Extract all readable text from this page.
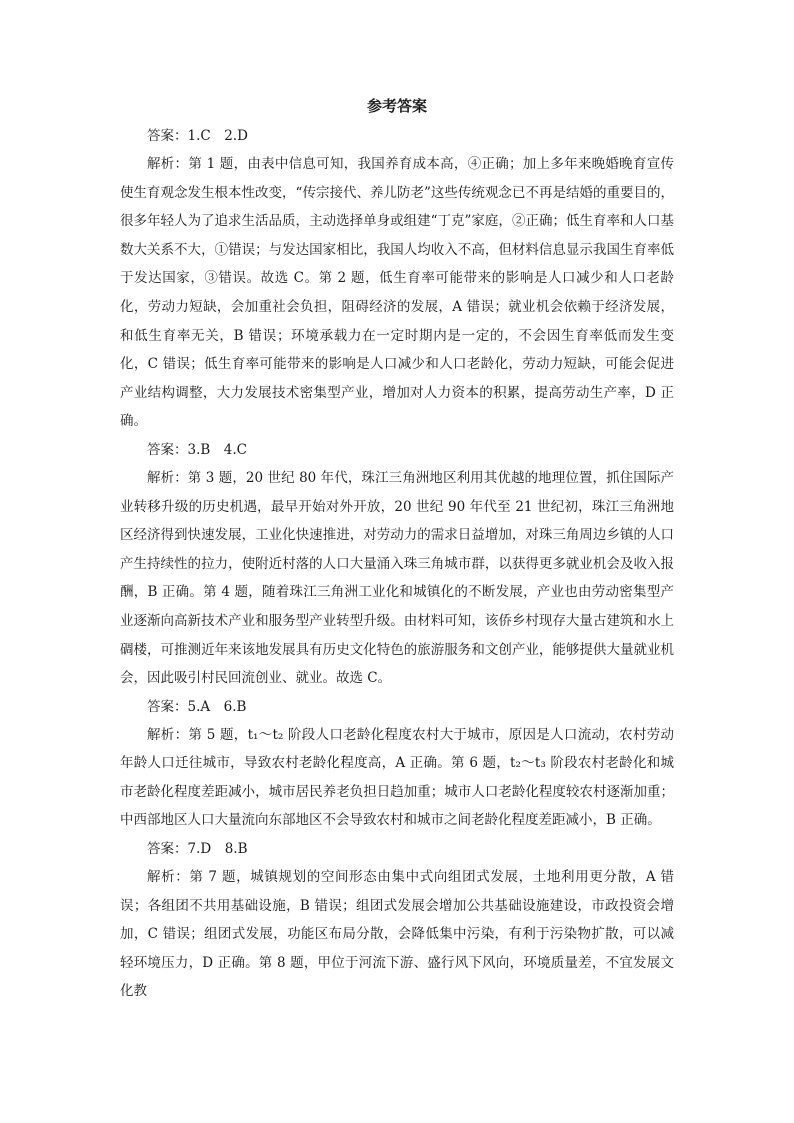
参考答案

答案：1.C　2.D

解析：第 1 题，由表中信息可知，我国养育成本高，④正确；加上多年来晚婚晚育宣传使生育观念发生根本性改变，“传宗接代、养儿防老”这些传统观念已不再是结婚的重要目的，很多年轻人为了追求生活品质，主动选择单身或组建“丁克”家庭，②正确；低生育率和人口基数大关系不大，①错误；与发达国家相比，我国人均收入不高，但材料信息显示我国生育率低于发达国家，③错误。故选 C。第 2 题，低生育率可能带来的影响是人口减少和人口老龄化，劳动力短缺，会加重社会负担，阻碍经济的发展，A 错误；就业机会依赖于经济发展，和低生育率无关，B 错误；环境承载力在一定时期内是一定的，不会因生育率低而发生变化，C 错误；低生育率可能带来的影响是人口减少和人口老龄化，劳动力短缺，可能会促进产业结构调整，大力发展技术密集型产业，增加对人力资本的积累，提高劳动生产率，D 正确。

答案：3.B　4.C

解析：第 3 题，20 世纪 80 年代，珠江三角洲地区利用其优越的地理位置，抓住国际产业转移升级的历史机遇，最早开始对外开放，20 世纪 90 年代至 21 世纪初，珠江三角洲地区经济得到快速发展，工业化快速推进，对劳动力的需求日益增加，对珠三角周边乡镇的人口产生持续性的拉力，使附近村落的人口大量涌入珠三角城市群，以获得更多就业机会及收入报酬，B 正确。第 4 题，随着珠江三角洲工业化和城镇化的不断发展，产业也由劳动密集型产业逐渐向高新技术产业和服务型产业转型升级。由材料可知，该侨乡村现存大量古建筑和水上碉楼，可推测近年来该地发展具有历史文化特色的旅游服务和文创产业，能够提供大量就业机会，因此吸引村民回流创业、就业。故选 C。

答案：5.A　6.B

解析：第 5 题，t₁～t₂ 阶段人口老龄化程度农村大于城市，原因是人口流动，农村劳动年龄人口迁往城市，导致农村老龄化程度高，A 正确。第 6 题，t₂～t₃ 阶段农村老龄化和城市老龄化程度差距减小，城市居民养老负担日趋加重；城市人口老龄化程度较农村逐渐加重；中西部地区人口大量流向东部地区不会导致农村和城市之间老龄化程度差距减小，B 正确。

答案：7.D　8.B

解析：第 7 题，城镇规划的空间形态由集中式向组团式发展，土地利用更分散，A 错误；各组团不共用基础设施，B 错误；组团式发展会增加公共基础设施建设，市政投资会增加，C 错误；组团式发展，功能区布局分散，会降低集中污染，有利于污染物扩散，可以减轻环境压力，D 正确。第 8 题，甲位于河流下游、盛行风下风向，环境质量差，不宜发展文化教
